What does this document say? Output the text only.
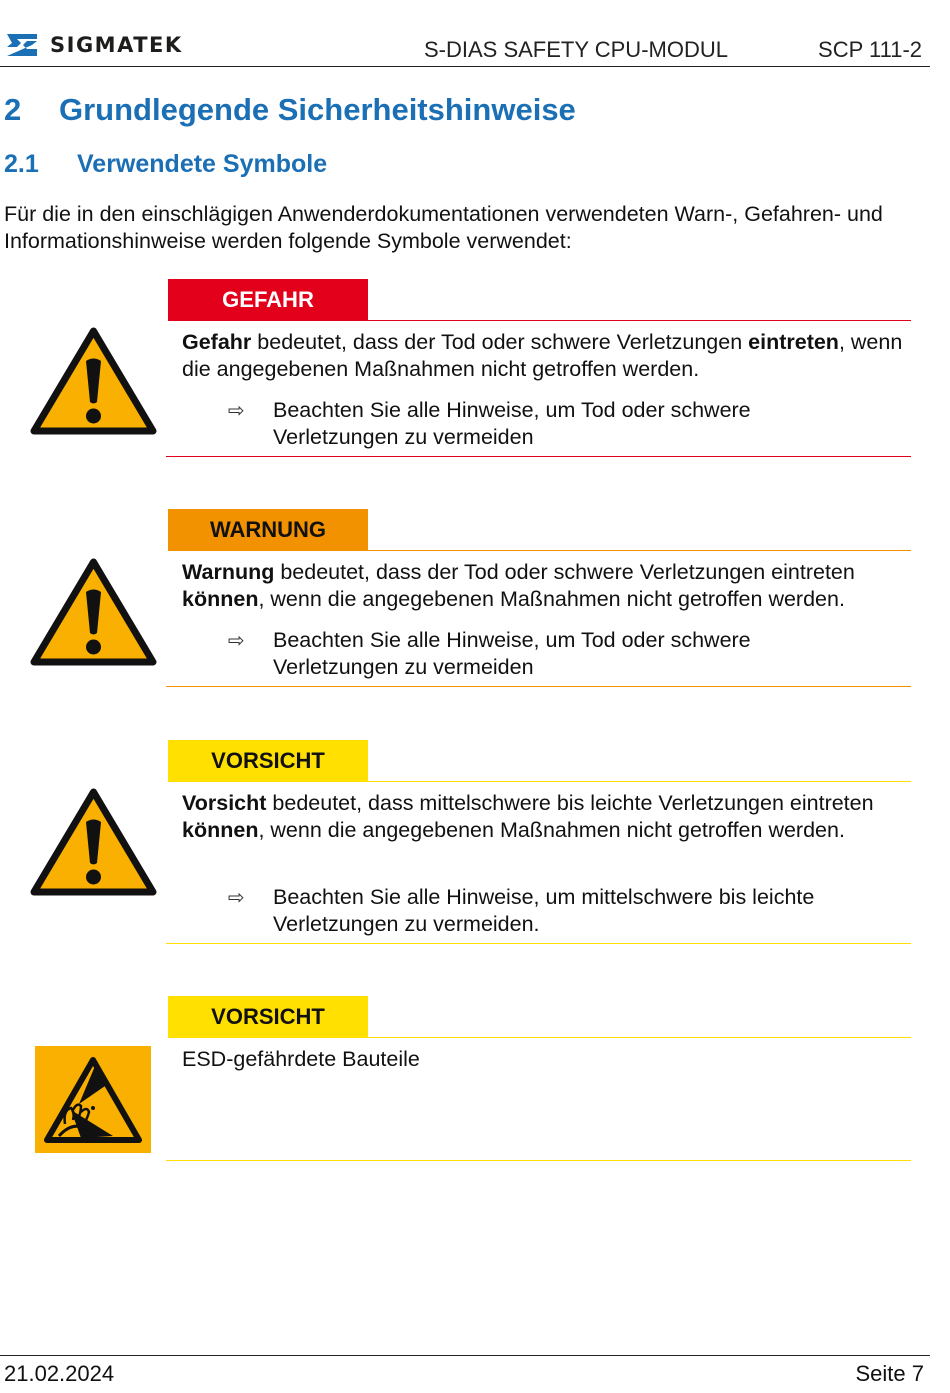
SIGMATEK	S-DIAS SAFETY CPU-MODUL	SCP 111-2
2 Grundlegende Sicherheitshinweise
2.1 Verwendete Symbole
Für die in den einschlägigen Anwenderdokumentationen verwendeten Warn-, Gefahren- und Informationshinweise werden folgende Symbole verwendet:
GEFAHR
Gefahr bedeutet, dass der Tod oder schwere Verletzungen eintreten, wenn die angegebenen Maßnahmen nicht getroffen werden.
⇨ Beachten Sie alle Hinweise, um Tod oder schwere Verletzungen zu vermeiden
WARNUNG
Warnung bedeutet, dass der Tod oder schwere Verletzungen eintreten können, wenn die angegebenen Maßnahmen nicht getroffen werden.
⇨ Beachten Sie alle Hinweise, um Tod oder schwere Verletzungen zu vermeiden
VORSICHT
Vorsicht bedeutet, dass mittelschwere bis leichte Verletzungen eintreten können, wenn die angegebenen Maßnahmen nicht getroffen werden.
⇨ Beachten Sie alle Hinweise, um mittelschwere bis leichte Verletzungen zu vermeiden.
VORSICHT
ESD-gefährdete Bauteile
21.02.2024	Seite 7
